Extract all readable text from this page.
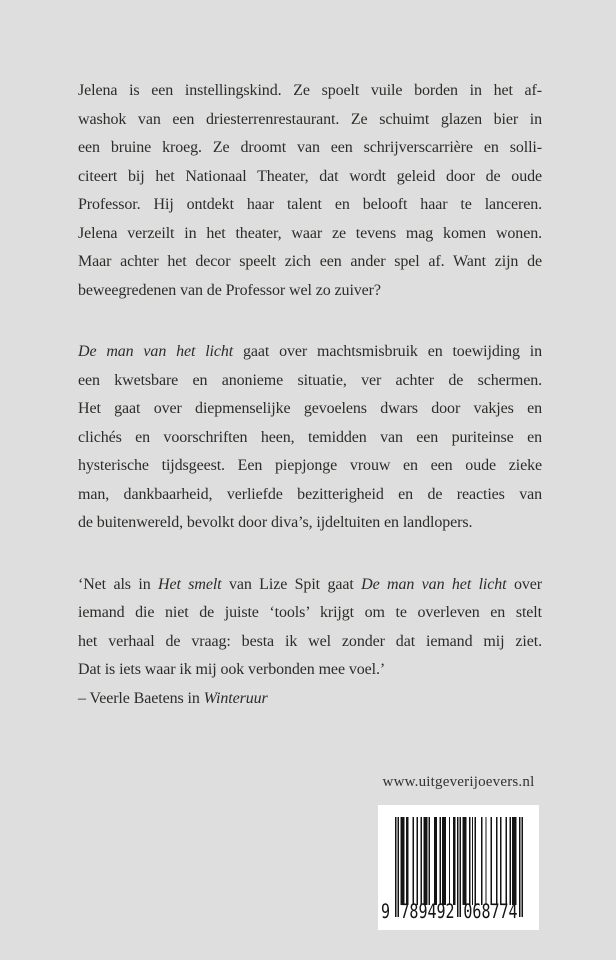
Jelena is een instellingskind. Ze spoelt vuile borden in het af-
washok van een driesterrenrestaurant. Ze schuimt glazen bier in
een bruine kroeg. Ze droomt van een schrijverscarrière en solli-
citeert bij het Nationaal Theater, dat wordt geleid door de oude
Professor. Hij ontdekt haar talent en belooft haar te lanceren.
Jelena verzeilt in het theater, waar ze tevens mag komen wonen.
Maar achter het decor speelt zich een ander spel af. Want zijn de
beweegredenen van de Professor wel zo zuiver?
De man van het licht gaat over machtsmisbruik en toewijding in
een kwetsbare en anonieme situatie, ver achter de schermen.
Het gaat over diepmenselijke gevoelens dwars door vakjes en
clichés en voorschriften heen, temidden van een puriteinse en
hysterische tijdsgeest. Een piepjonge vrouw en een oude zieke
man, dankbaarheid, verliefde bezitterigheid en de reacties van
de buitenwereld, bevolkt door diva’s, ijdeltuiten en landlopers.
‘Net als in Het smelt van Lize Spit gaat De man van het licht over
iemand die niet de juiste ‘tools’ krijgt om te overleven en stelt
het verhaal de vraag: besta ik wel zonder dat iemand mij ziet.
Dat is iets waar ik mij ook verbonden mee voel.’
– Veerle Baetens in Winteruur
www.uitgeverijoevers.nl
9 789492 068774
